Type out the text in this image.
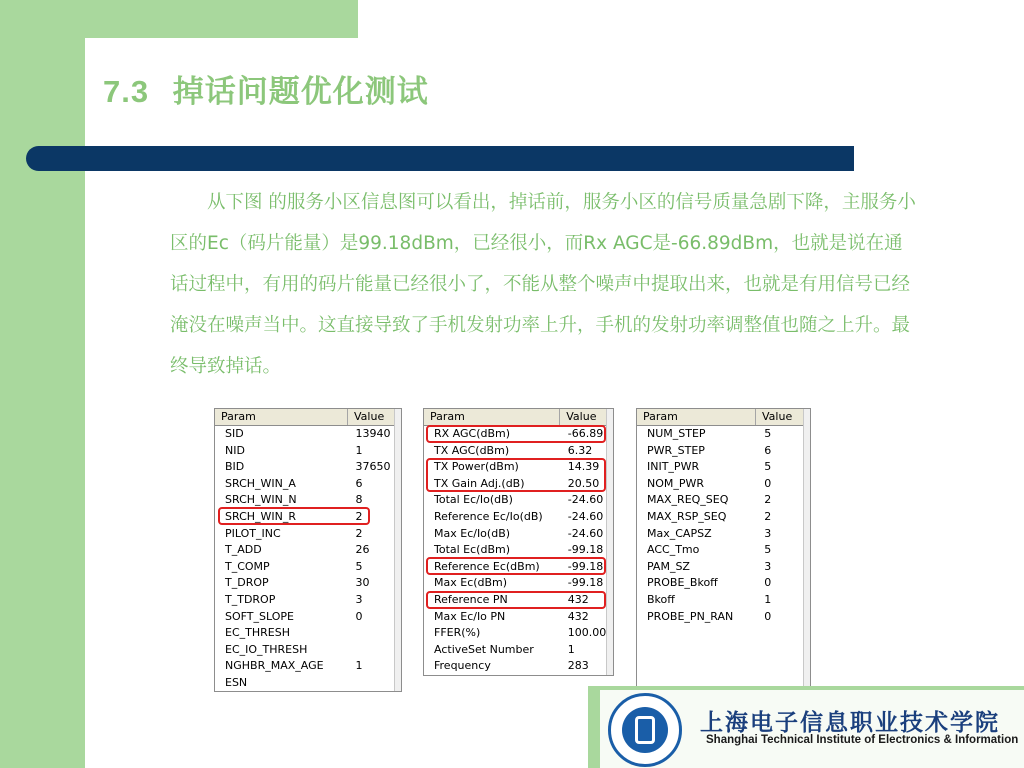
7.3 掉话问题优化测试
从下图 的服务小区信息图可以看出，掉话前，服务小区的信号质量急剧下降，主服务小区的Ec（码片能量）是99.18dBm，已经很小，而Rx AGC是-66.89dBm，也就是说在通话过程中，有用的码片能量已经很小了，不能从整个噪声中提取出来，也就是有用信号已经淹没在噪声当中。这直接导致了手机发射功率上升，手机的发射功率调整值也随之上升。最终导致掉话。
Param	Value
SID	13940
NID	1
BID	37650
SRCH_WIN_A	6
SRCH_WIN_N	8
SRCH_WIN_R	2
PILOT_INC	2
T_ADD	26
T_COMP	5
T_DROP	30
T_TDROP	3
SOFT_SLOPE	0
EC_THRESH
EC_IO_THRESH
NGHBR_MAX_AGE	1
ESN
Param	Value
RX AGC(dBm)	-66.89
TX AGC(dBm)	6.32
TX Power(dBm)	14.39
TX Gain Adj.(dB)	20.50
Total Ec/Io(dB)	-24.60
Reference Ec/Io(dB)	-24.60
Max Ec/Io(dB)	-24.60
Total Ec(dBm)	-99.18
Reference Ec(dBm)	-99.18
Max Ec(dBm)	-99.18
Reference PN	432
Max Ec/Io PN	432
FFER(%)	100.00
ActiveSet Number	1
Frequency	283
Param	Value
NUM_STEP	5
PWR_STEP	6
INIT_PWR	5
NOM_PWR	0
MAX_REQ_SEQ	2
MAX_RSP_SEQ	2
Max_CAPSZ	3
ACC_Tmo	5
PAM_SZ	3
PROBE_Bkoff	0
Bkoff	1
PROBE_PN_RAN	0
上海电子信息职业技术学院
Shanghai Technical Institute of Electronics & Information
